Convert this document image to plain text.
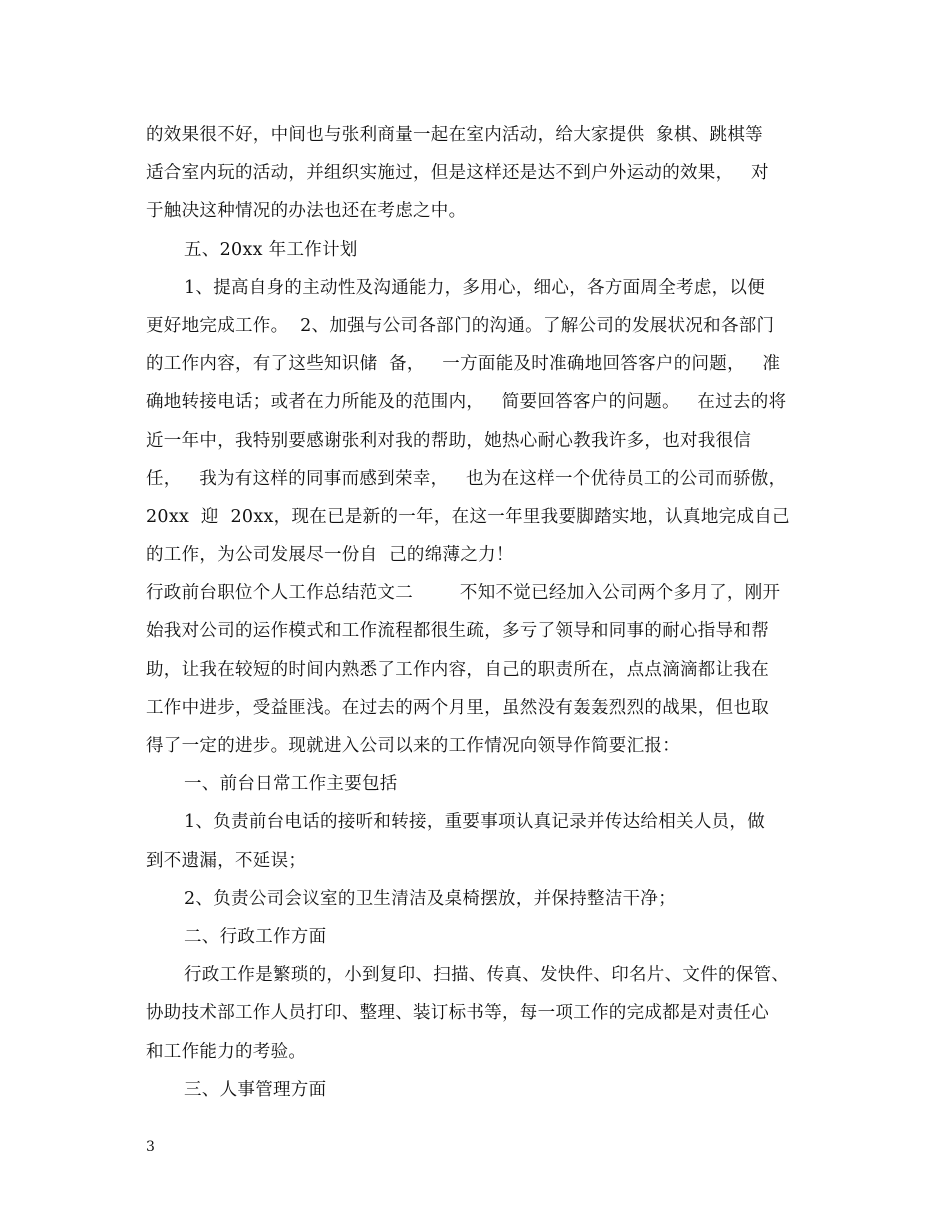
的效果很不好，中间也与张利商量一起在室内活动，给大家提供  象棋、跳棋等
适合室内玩的活动，并组织实施过，但是这样还是达不到户外运动的效果，   对
于触决这种情况的办法也还在考虑之中。
五、20xx 年工作计划
1、提高自身的主动性及沟通能力，多用心，细心，各方面周全考虑，以便
更好地完成工作。  2、加强与公司各部门的沟通。了解公司的发展状况和各部门
的工作内容，有了这些知识储  备，   一方面能及时准确地回答客户的问题，   准
确地转接电话；或者在力所能及的范围内，   简要回答客户的问题。   在过去的将
近一年中，我特别要感谢张利对我的帮助，她热心耐心教我许多，也对我很信
任，   我为有这样的同事而感到荣幸，   也为在这样一个优待员工的公司而骄傲，
20xx  迎  20xx，现在已是新的一年，在这一年里我要脚踏实地，认真地完成自己
的工作，为公司发展尽一份自  己的绵薄之力！
行政前台职位个人工作总结范文二        不知不觉已经加入公司两个多月了，刚开
始我对公司的运作模式和工作流程都很生疏，多亏了领导和同事的耐心指导和帮
助，让我在较短的时间内熟悉了工作内容，自己的职责所在，点点滴滴都让我在
工作中进步，受益匪浅。在过去的两个月里，虽然没有轰轰烈烈的战果，但也取
得了一定的进步。现就进入公司以来的工作情况向领导作简要汇报：
一、前台日常工作主要包括
1、负责前台电话的接听和转接，重要事项认真记录并传达给相关人员，做
到不遗漏，不延误；
2、负责公司会议室的卫生清洁及桌椅摆放，并保持整洁干净；
二、行政工作方面
行政工作是繁琐的，小到复印、扫描、传真、发快件、印名片、文件的保管、
协助技术部工作人员打印、整理、装订标书等，每一项工作的完成都是对责任心
和工作能力的考验。
三、人事管理方面
3
